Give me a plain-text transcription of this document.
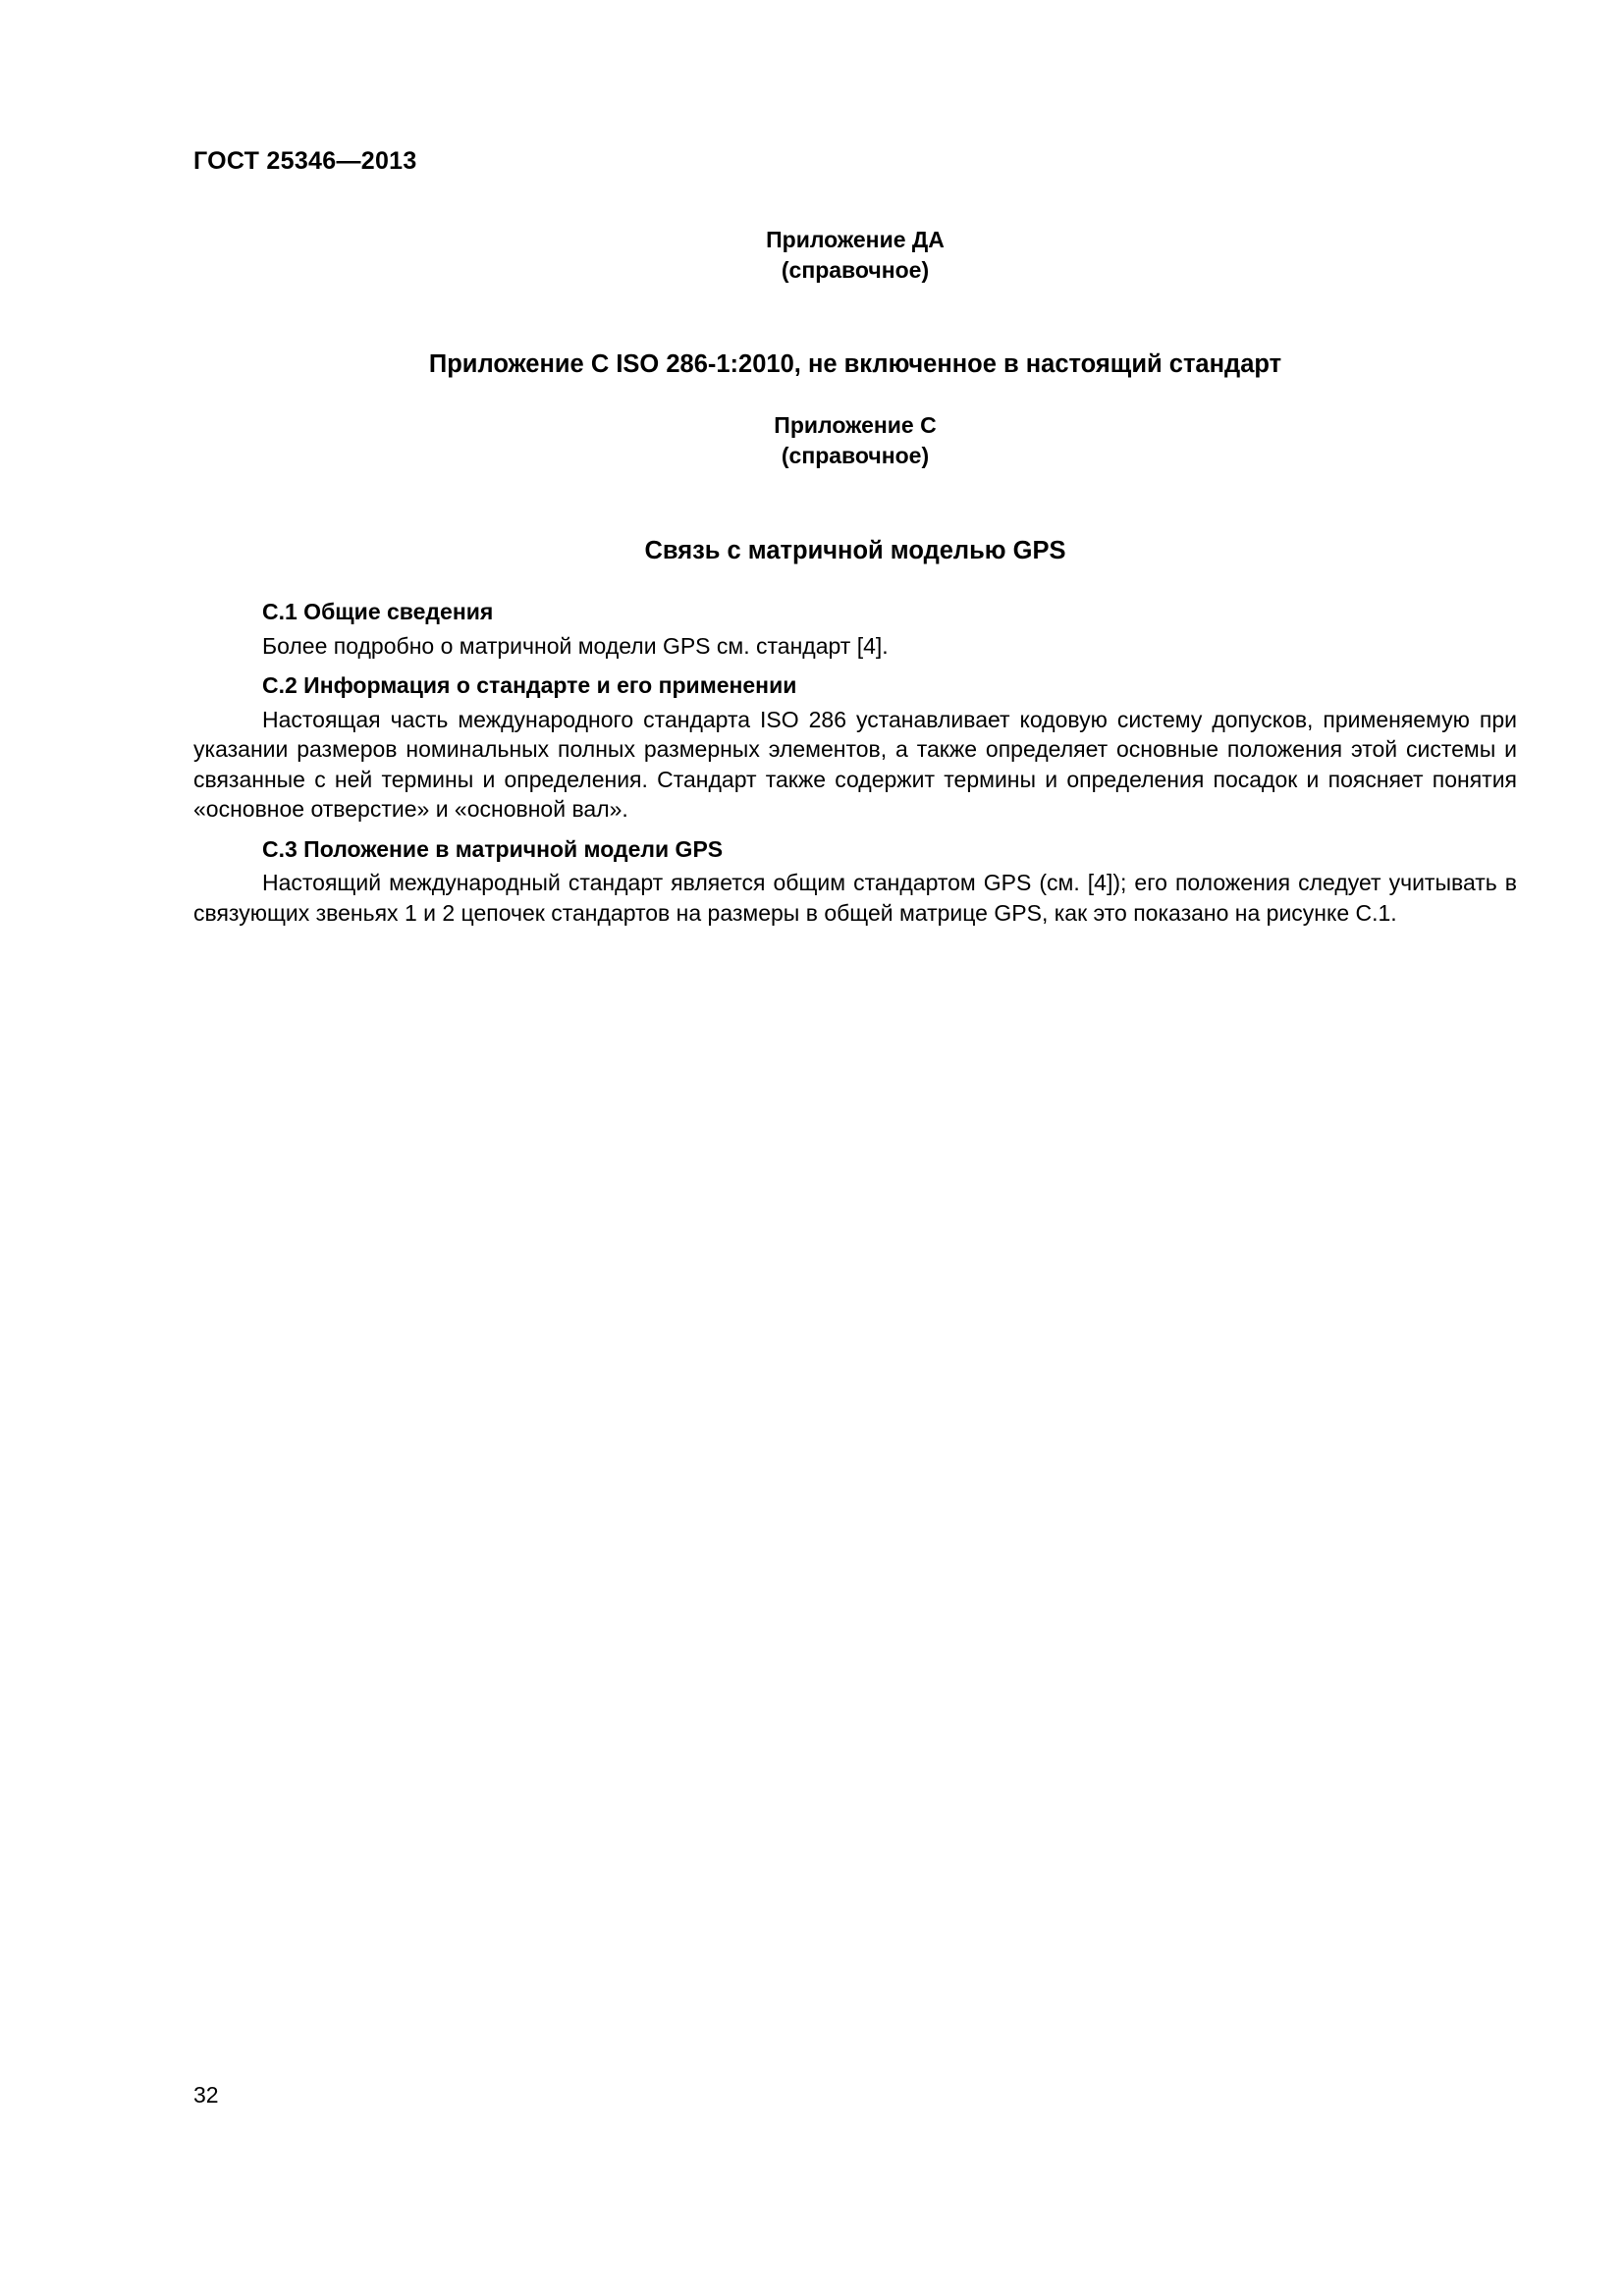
ГОСТ 25346—2013
Приложение ДА
(справочное)
Приложение С ISO 286-1:2010, не включенное в настоящий стандарт
Приложение С
(справочное)
Связь с матричной моделью GPS

С.1 Общие сведения

Более подробно о матричной модели GPS см. стандарт [4].

С.2 Информация о стандарте и его применении

Настоящая часть международного стандарта ISO 286 устанавливает кодовую систему допусков, применяемую при указании размеров номинальных полных размерных элементов, а также определяет основные положения этой системы и связанные с ней термины и определения. Стандарт также содержит термины и определения посадок и поясняет понятия «основное отверстие» и «основной вал».

С.3 Положение в матричной модели GPS

Настоящий международный стандарт является общим стандартом GPS (см. [4]); его положения следует учитывать в связующих звеньях 1 и 2 цепочек стандартов на размеры в общей матрице GPS, как это показано на рисунке С.1.

32
